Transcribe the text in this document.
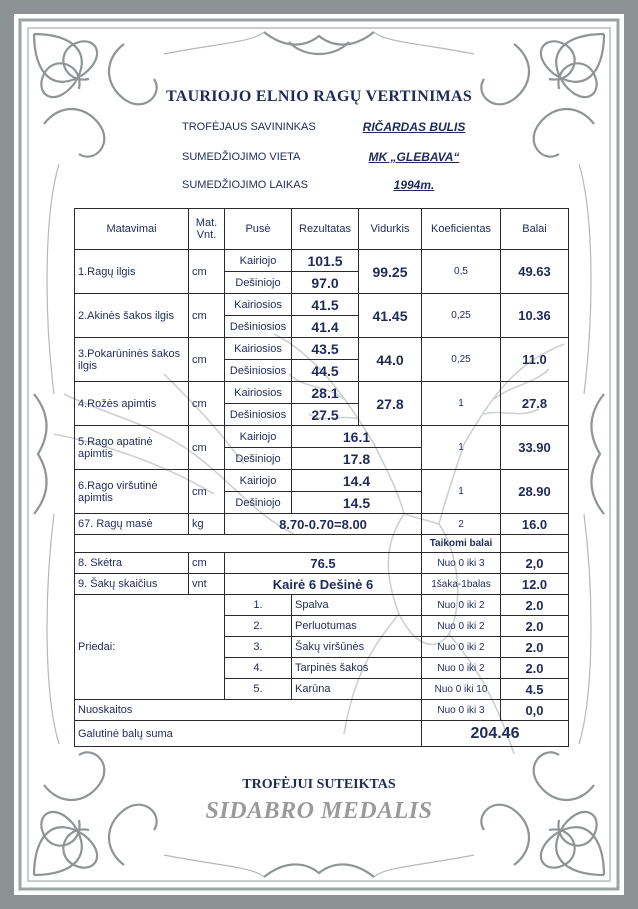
TAURIOJO ELNIO RAGŲ VERTINIMAS
TROFĖJAUS SAVININKAS	RIČARDAS BULIS
SUMEDŽIOJIMO VIETA	MK „GLEBAVA“
SUMEDŽIOJIMO LAIKAS	1994m.
Matavimai	Mat. Vnt.	Pusė	Rezultatas	Vidurkis	Koeficientas	Balai
1.Ragų ilgis	cm	Kairiojo	101.5	99.25	0,5	49.63
		Dešiniojo	97.0			
2.Akinės šakos ilgis	cm	Kairiosios	41.5	41.45	0,25	10.36
		Dešiniosios	41.4			
3.Pokarūninės šakos ilgis	cm	Kairiosios	43.5	44.0	0,25	11.0
		Dešiniosios	44.5			
4.Rožės apimtis	cm	Kairiosios	28.1	27.8	1	27.8
		Dešiniosios	27.5			
5.Rago apatinė apimtis	cm	Kairiojo	16.1		1	33.90
		Dešiniojo	17.8			
6.Rago viršutinė apimtis	cm	Kairiojo	14.4		1	28.90
		Dešiniojo	14.5			
67. Ragų masė	kg	8.70-0.70=8.00			2	16.0
					Taikomi balai	
8. Skėtra	cm	76.5			Nuo 0 iki 3	2,0
9. Šakų skaičius	vnt	Kairė 6 Dešinė 6			1šaka-1balas	12.0
Priedai:		1.	Spalva		Nuo 0 iki 2	2.0
		2.	Perluotumas		Nuo 0 iki 2	2.0
		3.	Šakų viršūnės		Nuo 0 iki 2	2.0
		4.	Tarpinės šakos		Nuo 0 iki 2	2.0
		5.	Karūna		Nuo 0 iki 10	4.5
Nuoskaitos					Nuo 0 iki 3	0,0
Galutinė balų suma					204.46	
TROFĖJUI SUTEIKTAS
SIDABRO MEDALIS
